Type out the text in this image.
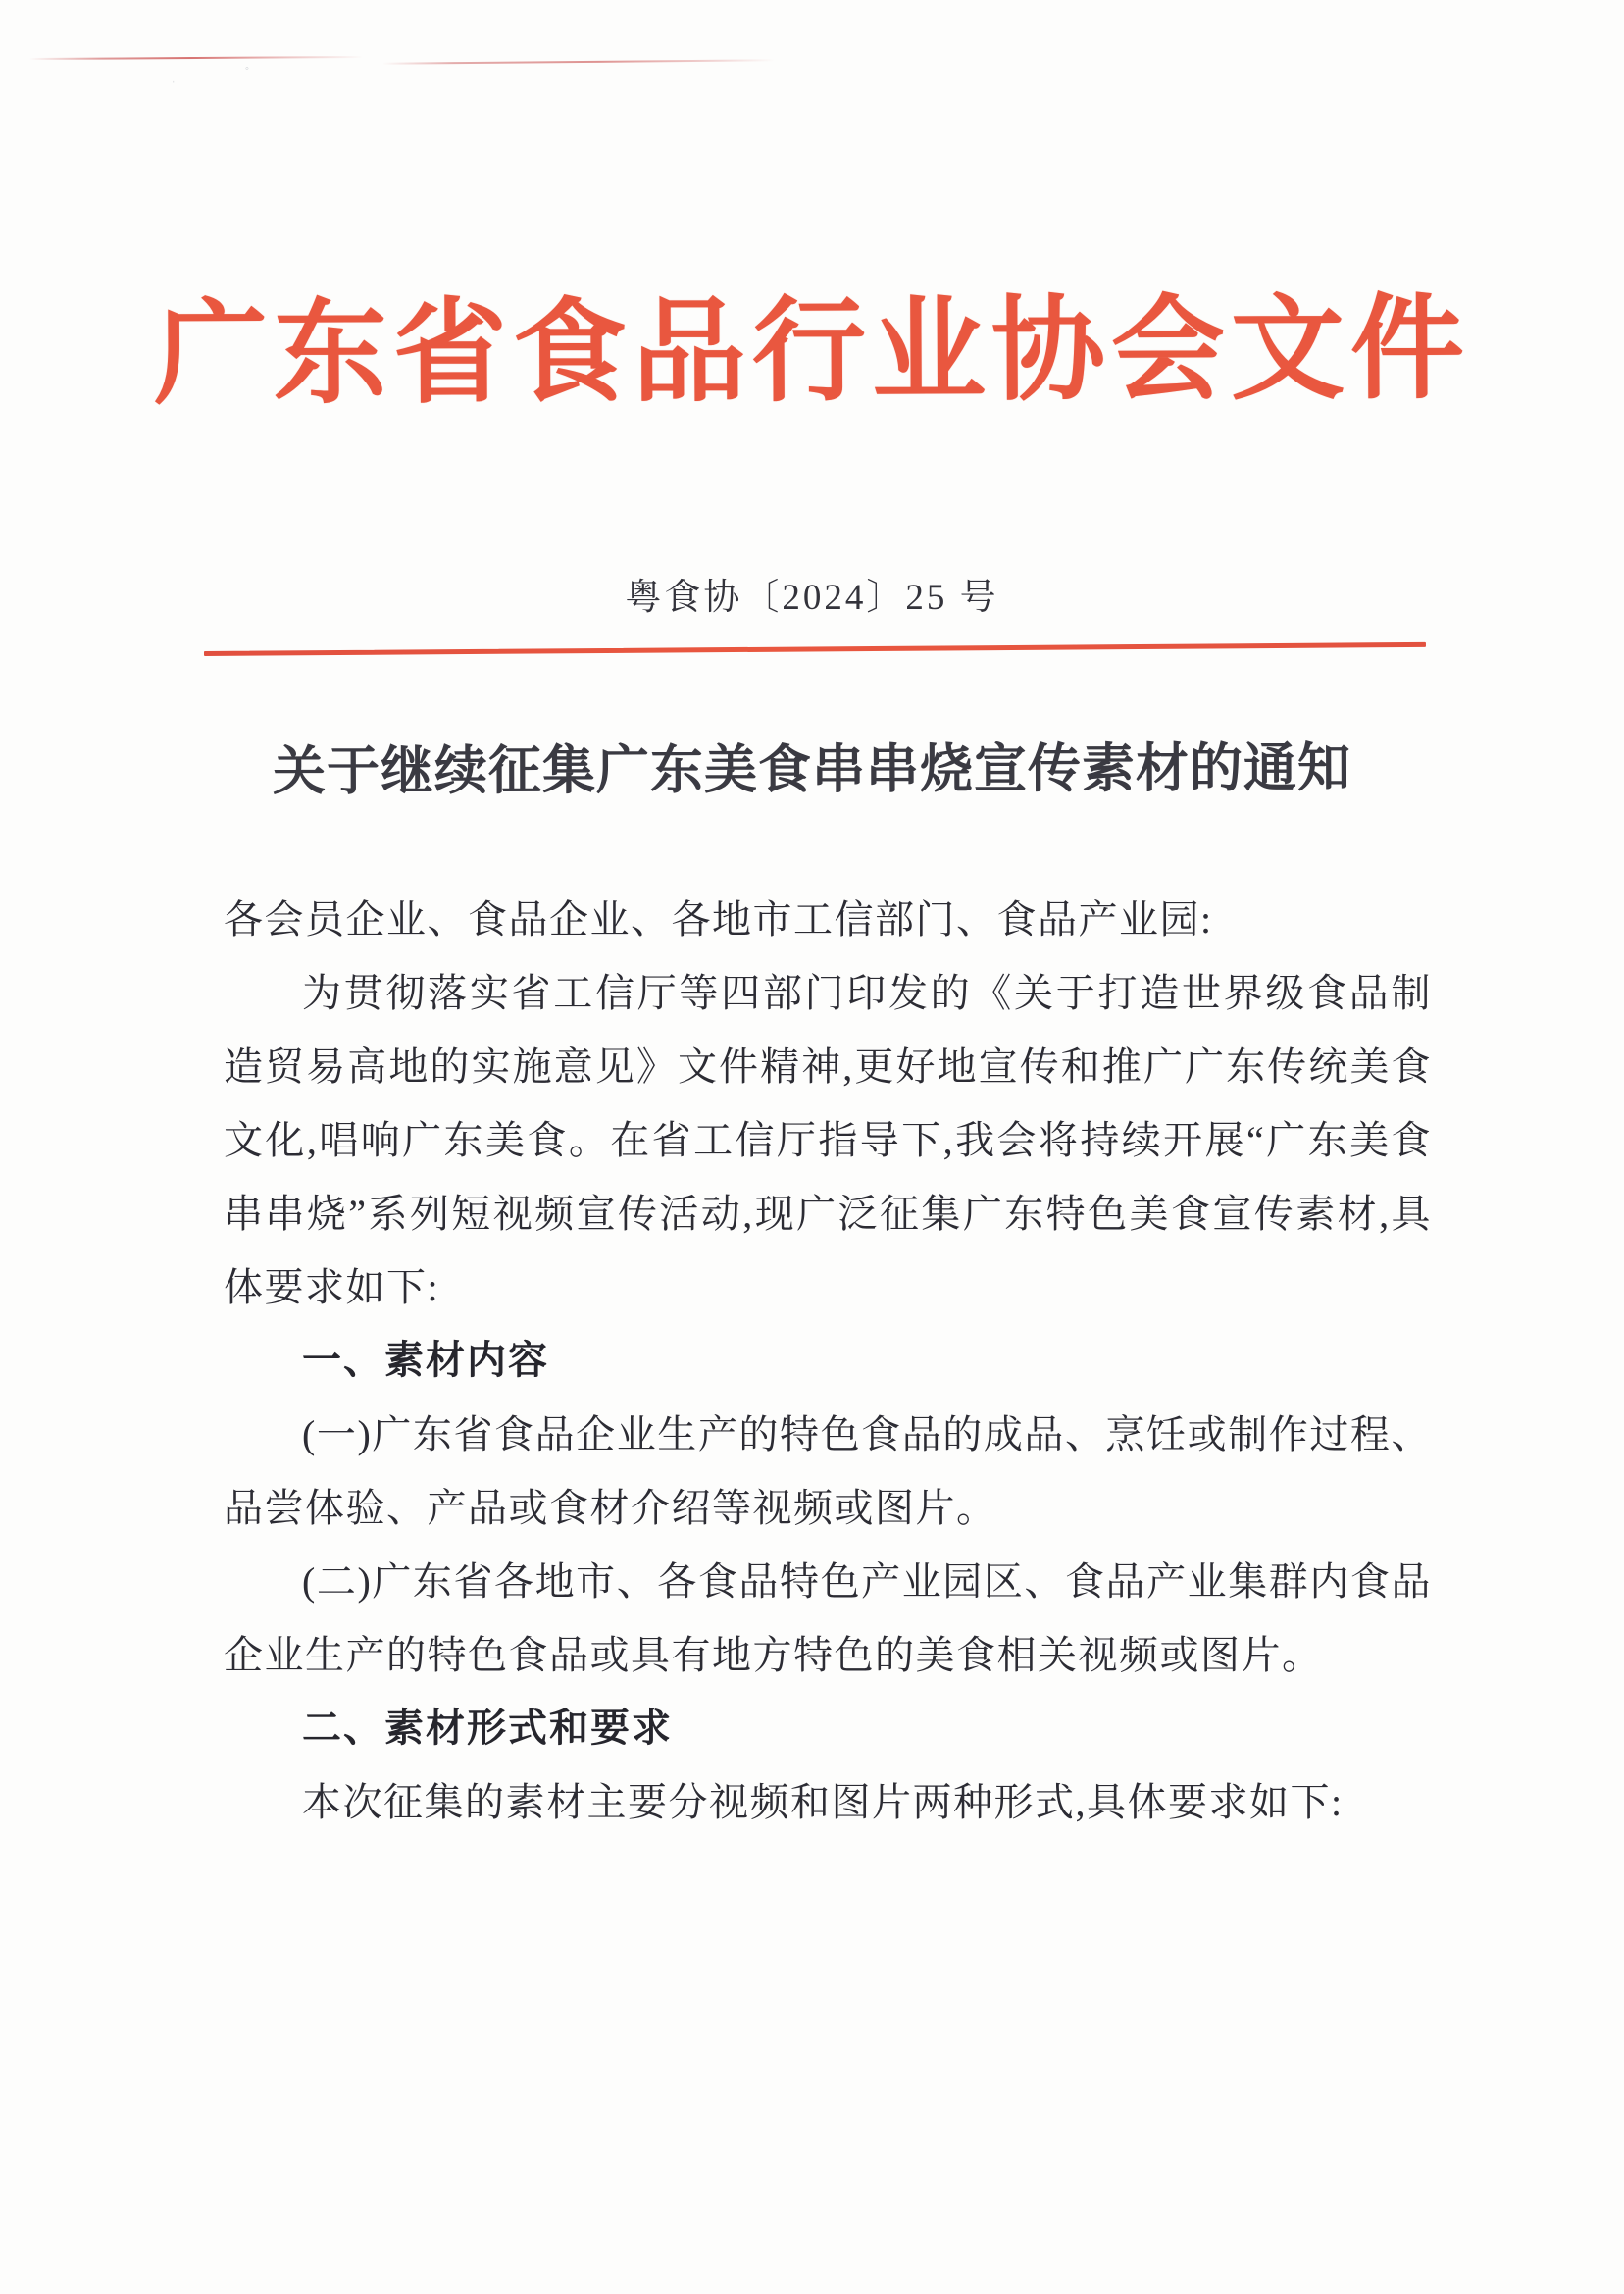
◦
ˌ
广东省食品行业协会文件
粤食协〔2024〕25 号
关于继续征集广东美食串串烧宣传素材的通知

各会员企业、食品企业、各地市工信部门、食品产业园:

为贯彻落实省工信厅等四部门印发的《关于打造世界级食品制造贸易高地的实施意见》文件精神,更好地宣传和推广广东传统美食文化,唱响广东美食。在省工信厅指导下,我会将持续开展“广东美食串串烧”系列短视频宣传活动,现广泛征集广东特色美食宣传素材,具体要求如下:

一、素材内容

(一)广东省食品企业生产的特色食品的成品、烹饪或制作过程、品尝体验、产品或食材介绍等视频或图片。

(二)广东省各地市、各食品特色产业园区、食品产业集群内食品企业生产的特色食品或具有地方特色的美食相关视频或图片。

二、素材形式和要求

本次征集的素材主要分视频和图片两种形式,具体要求如下:
